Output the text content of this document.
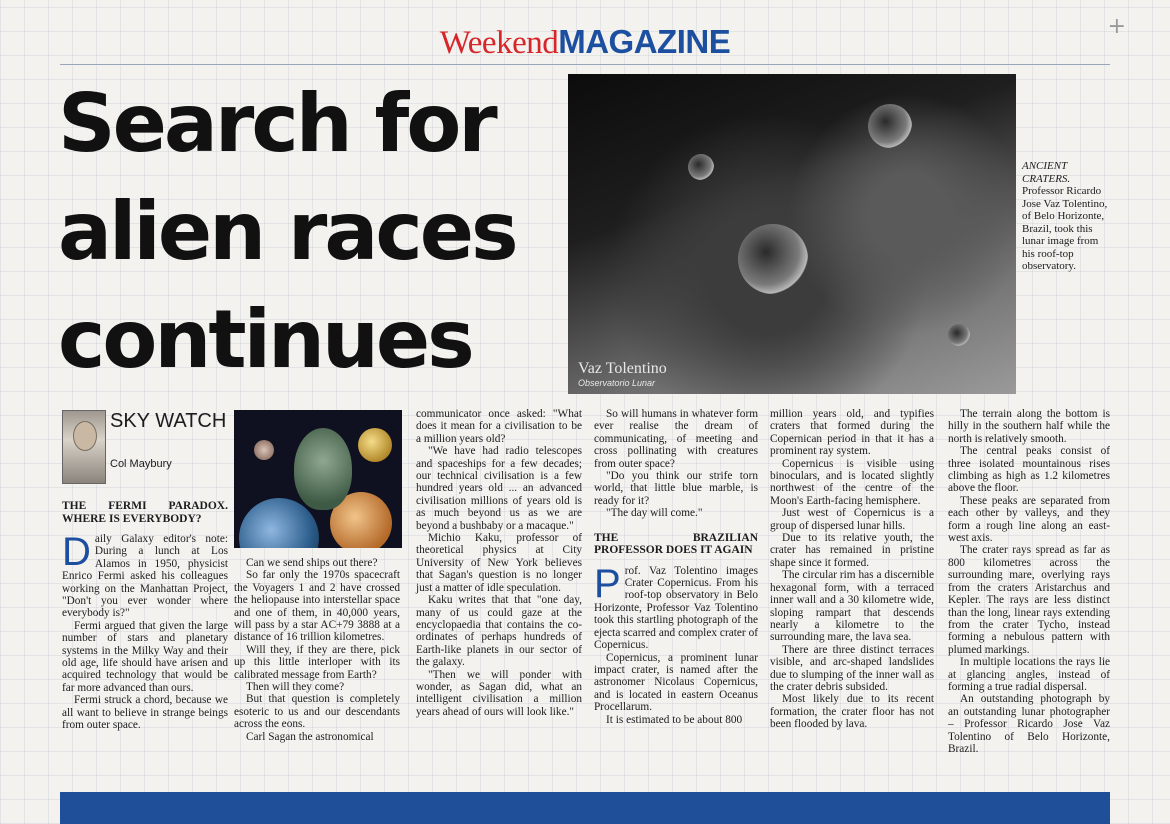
WeekendMAGAZINE	+
Search for alien races continues	Vaz Tolentino
Observatorio Lunar
ANCIENT CRATERS.
Professor Ricardo Jose Vaz Tolentino, of Belo Horizonte, Brazil, took this lunar image from his roof-top observatory.
SKY WATCH
Col Maybury
THE FERMI PARADOX. WHERE IS EVERYBODY?

Daily Galaxy editor's note: During a lunch at Los Alamos in 1950, physicist Enrico Fermi asked his colleagues working on the Manhattan Project, "Don't you ever wonder where everybody is?"

Fermi argued that given the large number of stars and planetary systems in the Milky Way and their old age, life should have arisen and acquired technology that would be far more advanced than ours.

Fermi struck a chord, because we all want to believe in strange beings from outer space.

Can we send ships out there?

So far only the 1970s spacecraft the Voyagers 1 and 2 have crossed the heliopause into interstellar space and one of them, in 40,000 years, will pass by a star AC+79 3888 at a distance of 16 trillion kilometres.

Will they, if they are there, pick up this little interloper with its calibrated message from Earth?

Then will they come?

But that question is completely esoteric to us and our descendants across the eons.

Carl Sagan the astronomical

communicator once asked: "What does it mean for a civilisation to be a million years old?

"We have had radio telescopes and spaceships for a few decades; our technical civilisation is a few hundred years old ... an advanced civilisation millions of years old is as much beyond us as we are beyond a bushbaby or a macaque."

Michio Kaku, professor of theoretical physics at City University of New York believes that Sagan's question is no longer just a matter of idle speculation.

Kaku writes that that "one day, many of us could gaze at the encyclopaedia that contains the co-ordinates of perhaps hundreds of Earth-like planets in our sector of the galaxy.

"Then we will ponder with wonder, as Sagan did, what an intelligent civilisation a million years ahead of ours will look like."

So will humans in whatever form ever realise the dream of communicating, of meeting and cross pollinating with creatures from outer space?

"Do you think our strife torn world, that little blue marble, is ready for it?

"The day will come."

THE BRAZILIAN PROFESSOR DOES IT AGAIN

Prof. Vaz Tolentino images Crater Copernicus. From his roof-top observatory in Belo Horizonte, Professor Vaz Tolentino took this startling photograph of the ejecta scarred and complex crater of Copernicus.

Copernicus, a prominent lunar impact crater, is named after the astronomer Nicolaus Copernicus, and is located in eastern Oceanus Procellarum.

It is estimated to be about 800

million years old, and typifies craters that formed during the Copernican period in that it has a prominent ray system.

Copernicus is visible using binoculars, and is located slightly northwest of the centre of the Moon's Earth-facing hemisphere.

Just west of Copernicus is a group of dispersed lunar hills.

Due to its relative youth, the crater has remained in pristine shape since it formed.

The circular rim has a discernible hexagonal form, with a terraced inner wall and a 30 kilometre wide, sloping rampart that descends nearly a kilometre to the surrounding mare, the lava sea.

There are three distinct terraces visible, and arc-shaped landslides due to slumping of the inner wall as the crater debris subsided.

Most likely due to its recent formation, the crater floor has not been flooded by lava.

The terrain along the bottom is hilly in the southern half while the north is relatively smooth.

The central peaks consist of three isolated mountainous rises climbing as high as 1.2 kilometres above the floor.

These peaks are separated from each other by valleys, and they form a rough line along an east-west axis.

The crater rays spread as far as 800 kilometres across the surrounding mare, overlying rays from the craters Aristarchus and Kepler. The rays are less distinct than the long, linear rays extending from the crater Tycho, instead forming a nebulous pattern with plumed markings.

In multiple locations the rays lie at glancing angles, instead of forming a true radial dispersal.

An outstanding photograph by an outstanding lunar photographer – Professor Ricardo Jose Vaz Tolentino of Belo Horizonte, Brazil.
